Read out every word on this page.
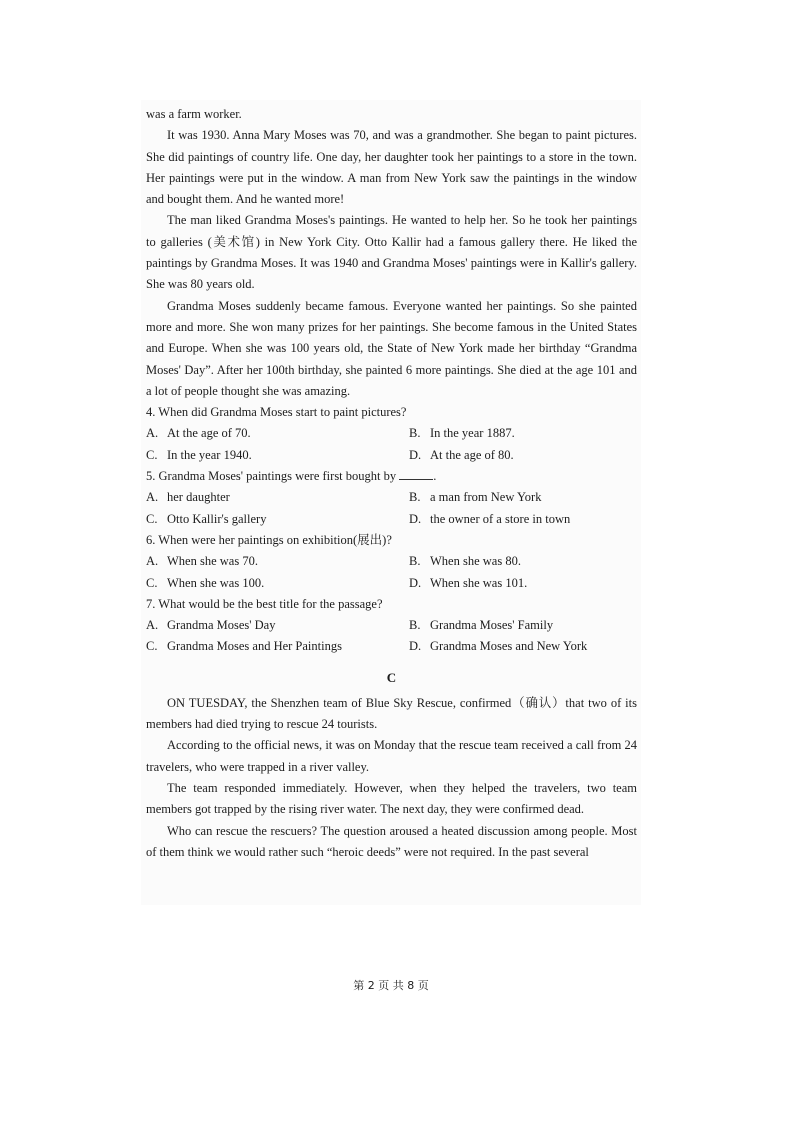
was a farm worker.

It was 1930. Anna Mary Moses was 70, and was a grandmother. She began to paint pictures. She did paintings of country life. One day, her daughter took her paintings to a store in the town. Her paintings were put in the window. A man from New York saw the paintings in the window and bought them. And he wanted more!

The man liked Grandma Moses's paintings. He wanted to help her. So he took her paintings to galleries (美术馆) in New York City. Otto Kallir had a famous gallery there. He liked the paintings by Grandma Moses. It was 1940 and Grandma Moses' paintings were in Kallir's gallery. She was 80 years old.

Grandma Moses suddenly became famous. Everyone wanted her paintings. So she painted more and more. She won many prizes for her paintings. She become famous in the United States and Europe. When she was 100 years old, the State of New York made her birthday “Grandma Moses' Day”. After her 100th birthday, she painted 6 more paintings. She died at the age 101 and a lot of people thought she was amazing.

4. When did Grandma Moses start to paint pictures?

A. At the age of 70.	B. In the year 1887.
C. In the year 1940.	D. At the age of 80.

5. Grandma Moses' paintings were first bought by	.

A. her daughter	B. a man from New York
C. Otto Kallir's gallery	D. the owner of a store in town

6. When were her paintings on exhibition(展出)?

A. When she was 70.	B. When she was 80.
C. When she was 100.	D. When she was 101.

7. What would be the best title for the passage?

A. Grandma Moses' Day	B. Grandma Moses' Family
C. Grandma Moses and Her Paintings	D. Grandma Moses and New York
C

ON TUESDAY, the Shenzhen team of Blue Sky Rescue, confirmed（确认）that two of its members had died trying to rescue 24 tourists.

According to the official news, it was on Monday that the rescue team received a call from 24 travelers, who were trapped in a river valley.

The team responded immediately. However, when they helped the travelers, two team members got trapped by the rising river water. The next day, they were confirmed dead.

Who can rescue the rescuers? The question aroused a heated discussion among people. Most of them think we would rather such “heroic deeds” were not required. In the past several

第 2 页 共 8 页
